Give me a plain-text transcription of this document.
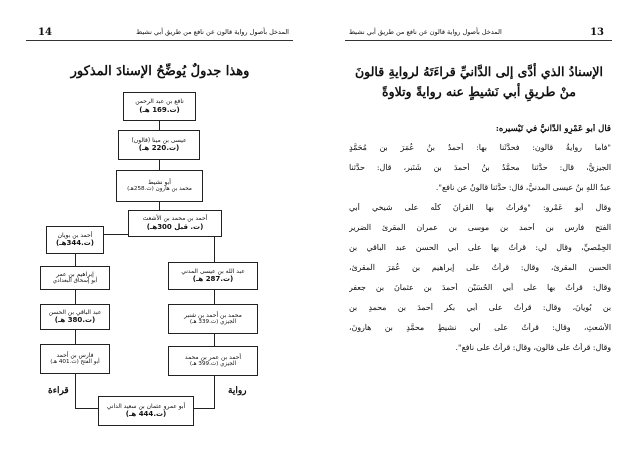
14	المدخل بأصول رواية قالون عن نافع من طريق أبي نشيط
وهذا جدولٌ يُوضِّحُ الإسنادَ المذكور
نافع بن عبد الرحمن
(ت.169 هـ)
عيسى بن مينا (قالون)
(ت.220 هـ)
أبو نشيط
محمد بن هارون (ت.258هـ)
أحمد بن محمد بن الأشعث
(ت. قبل 300هـ)
أحمد بن بويان
(ت.344هـ)
عبد الله بن عيسى المدني
(ت.287 هـ)
إبراهيم بن عمر
أبو إسحاق البغدادي
محمد بن أحمد بن شنبر
الجيزي (ت.339 هـ)
عبد الباقي بن الحسن
(ت.380 هـ)
أحمد بن عمر بن محمد
الجيزي (ت.399 هـ)
فارس بن أحمد
أبو الفتح (ت.401 هـ)
أبو عمرو عثمان بن سعيد الداني
(ت.444 هـ)
قراءة	رواية
المدخل بأصول رواية قالون عن نافع من طريق أبي نشيط	13
الإسنادُ الذي أدَّى إلى الدَّانيِّ قراءَتَهُ لروايةِ قالونَ
منْ طريقِ أبي نَشيطٍ عنه روايةً وتلاوةً
قال أبو عَمْرٍو الدَّانيُّ في تَيْسيره:
"فأما روايةُ قالون: فحدَّثَنا بها: أحمدُ بنُ عُمَرَ بنِ مُحَمَّدٍ
الجيزيُّ، قال: حدَّثنا محمَّدُ بنُ أحمدَ بنِ شَنَبرٍ، قال: حدَّثنا
عبدُ اللهِ بنُ عيسى المدنيُّ، قال: حدَّثنا قالونُ عن نافعٍ".
وقال أبو عَمْرٍو: "وقرأتُ بها القرآنَ كلَّه على شيخي أبي
الفتح فارس بن أحمد بن موسى بن عمران المقرئ الضرير
الحِمْصيِّ، وقال لي: قرأتُ بها على أبي الحسن عبد الباقي بن
الحسن المقرئ، وقال: قرأتُ على إبراهيم بنِ عُمَرَ المقرئ،
وقال: قرأتُ بها على أبي الحُسَيْنِ أحمدَ بنِ عثمانَ بنِ جعفرِ
بنِ بُويانَ، وقال: قرأتُ على أبي بكرٍ أحمدَ بنِ محمدِ بنِ
الأشعثِ، وقال: قرأتُ على أبي نشيطٍ محمَّدِ بنِ هارونَ،
وقال: قرأتُ على قالون، وقال: قرأتُ على نافعٍ".
